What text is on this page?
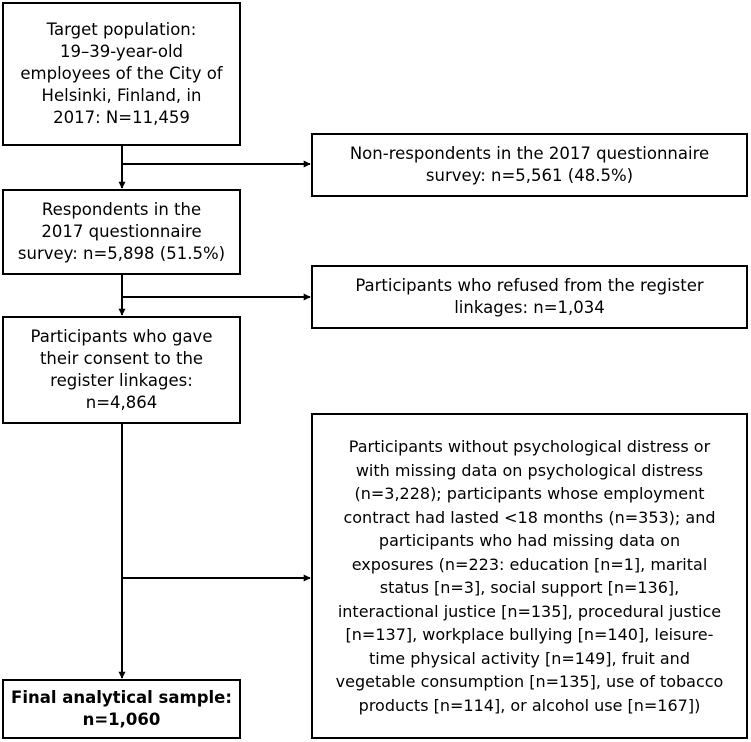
Target population:
19–39-year-old
employees of the City of
Helsinki, Finland, in
2017: N=11,459
Non-respondents in the 2017 questionnaire
survey: n=5,561 (48.5%)
Respondents in the
2017 questionnaire
survey: n=5,898 (51.5%)
Participants who refused from the register
linkages: n=1,034
Participants who gave
their consent to the
register linkages:
n=4,864
Participants without psychological distress or
with missing data on psychological distress
(n=3,228); participants whose employment
contract had lasted <18 months (n=353); and
participants who had missing data on
exposures (n=223: education [n=1], marital
status [n=3], social support [n=136],
interactional justice [n=135], procedural justice
[n=137], workplace bullying [n=140], leisure-
time physical activity [n=149], fruit and
vegetable consumption [n=135], use of tobacco
products [n=114], or alcohol use [n=167])
Final analytical sample:
n=1,060
